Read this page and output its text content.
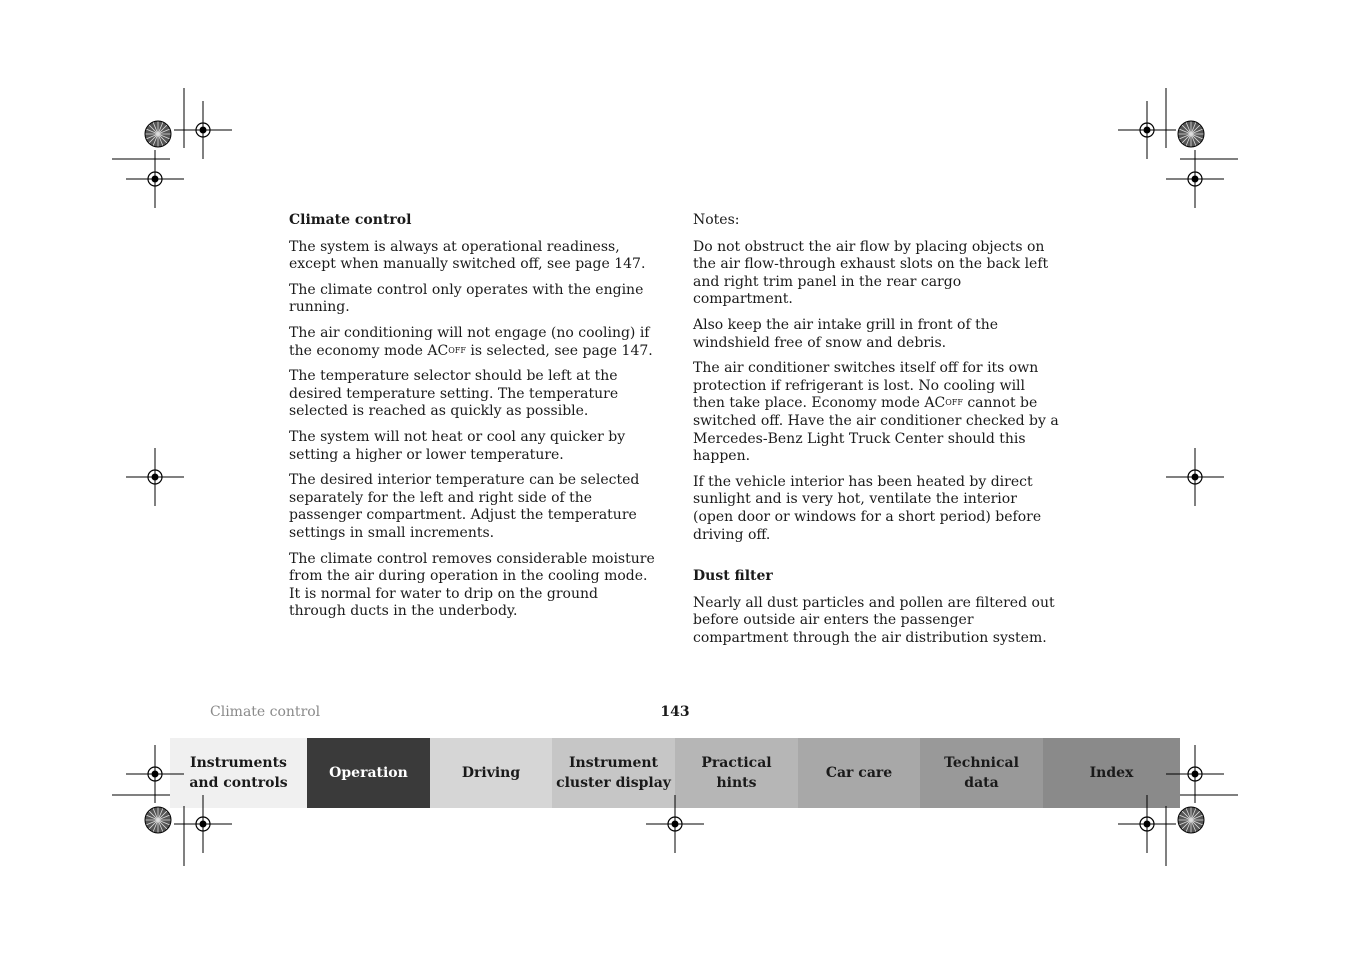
Climate control

The system is always at operational readiness, except when manually switched off, see page 147.

The climate control only operates with the engine running.

The air conditioning will not engage (no cooling) if the economy mode $AC^{OFF}$ is selected, see page 147.

The temperature selector should be left at the desired temperature setting. The temperature selected is reached as quickly as possible.

The system will not heat or cool any quicker by setting a higher or lower temperature.

The desired interior temperature can be selected separately for the left and right side of the passenger compartment. Adjust the temperature settings in small increments.

The climate control removes considerable moisture from the air during operation in the cooling mode. It is normal for water to drip on the ground through ducts in the underbody.

Notes:

Do not obstruct the air flow by placing objects on the air flow-through exhaust slots on the back left and right trim panel in the rear cargo compartment.

Also keep the air intake grill in front of the windshield free of snow and debris.

The air conditioner switches itself off for its own protection if refrigerant is lost. No cooling will then take place. Economy mode $AC^{OFF}$ cannot be switched off. Have the air conditioner checked by a Mercedes-Benz Light Truck Center should this happen.

If the vehicle interior has been heated by direct sunlight and is very hot, ventilate the interior (open door or windows for a short period) before driving off.

Dust filter

Nearly all dust particles and pollen are filtered out before outside air enters the passenger compartment through the air distribution system.

Climate control	143
Instruments
and controls
Operation	Driving
Instrument
cluster display
Practical hints
Car care
Technical
data
Index
